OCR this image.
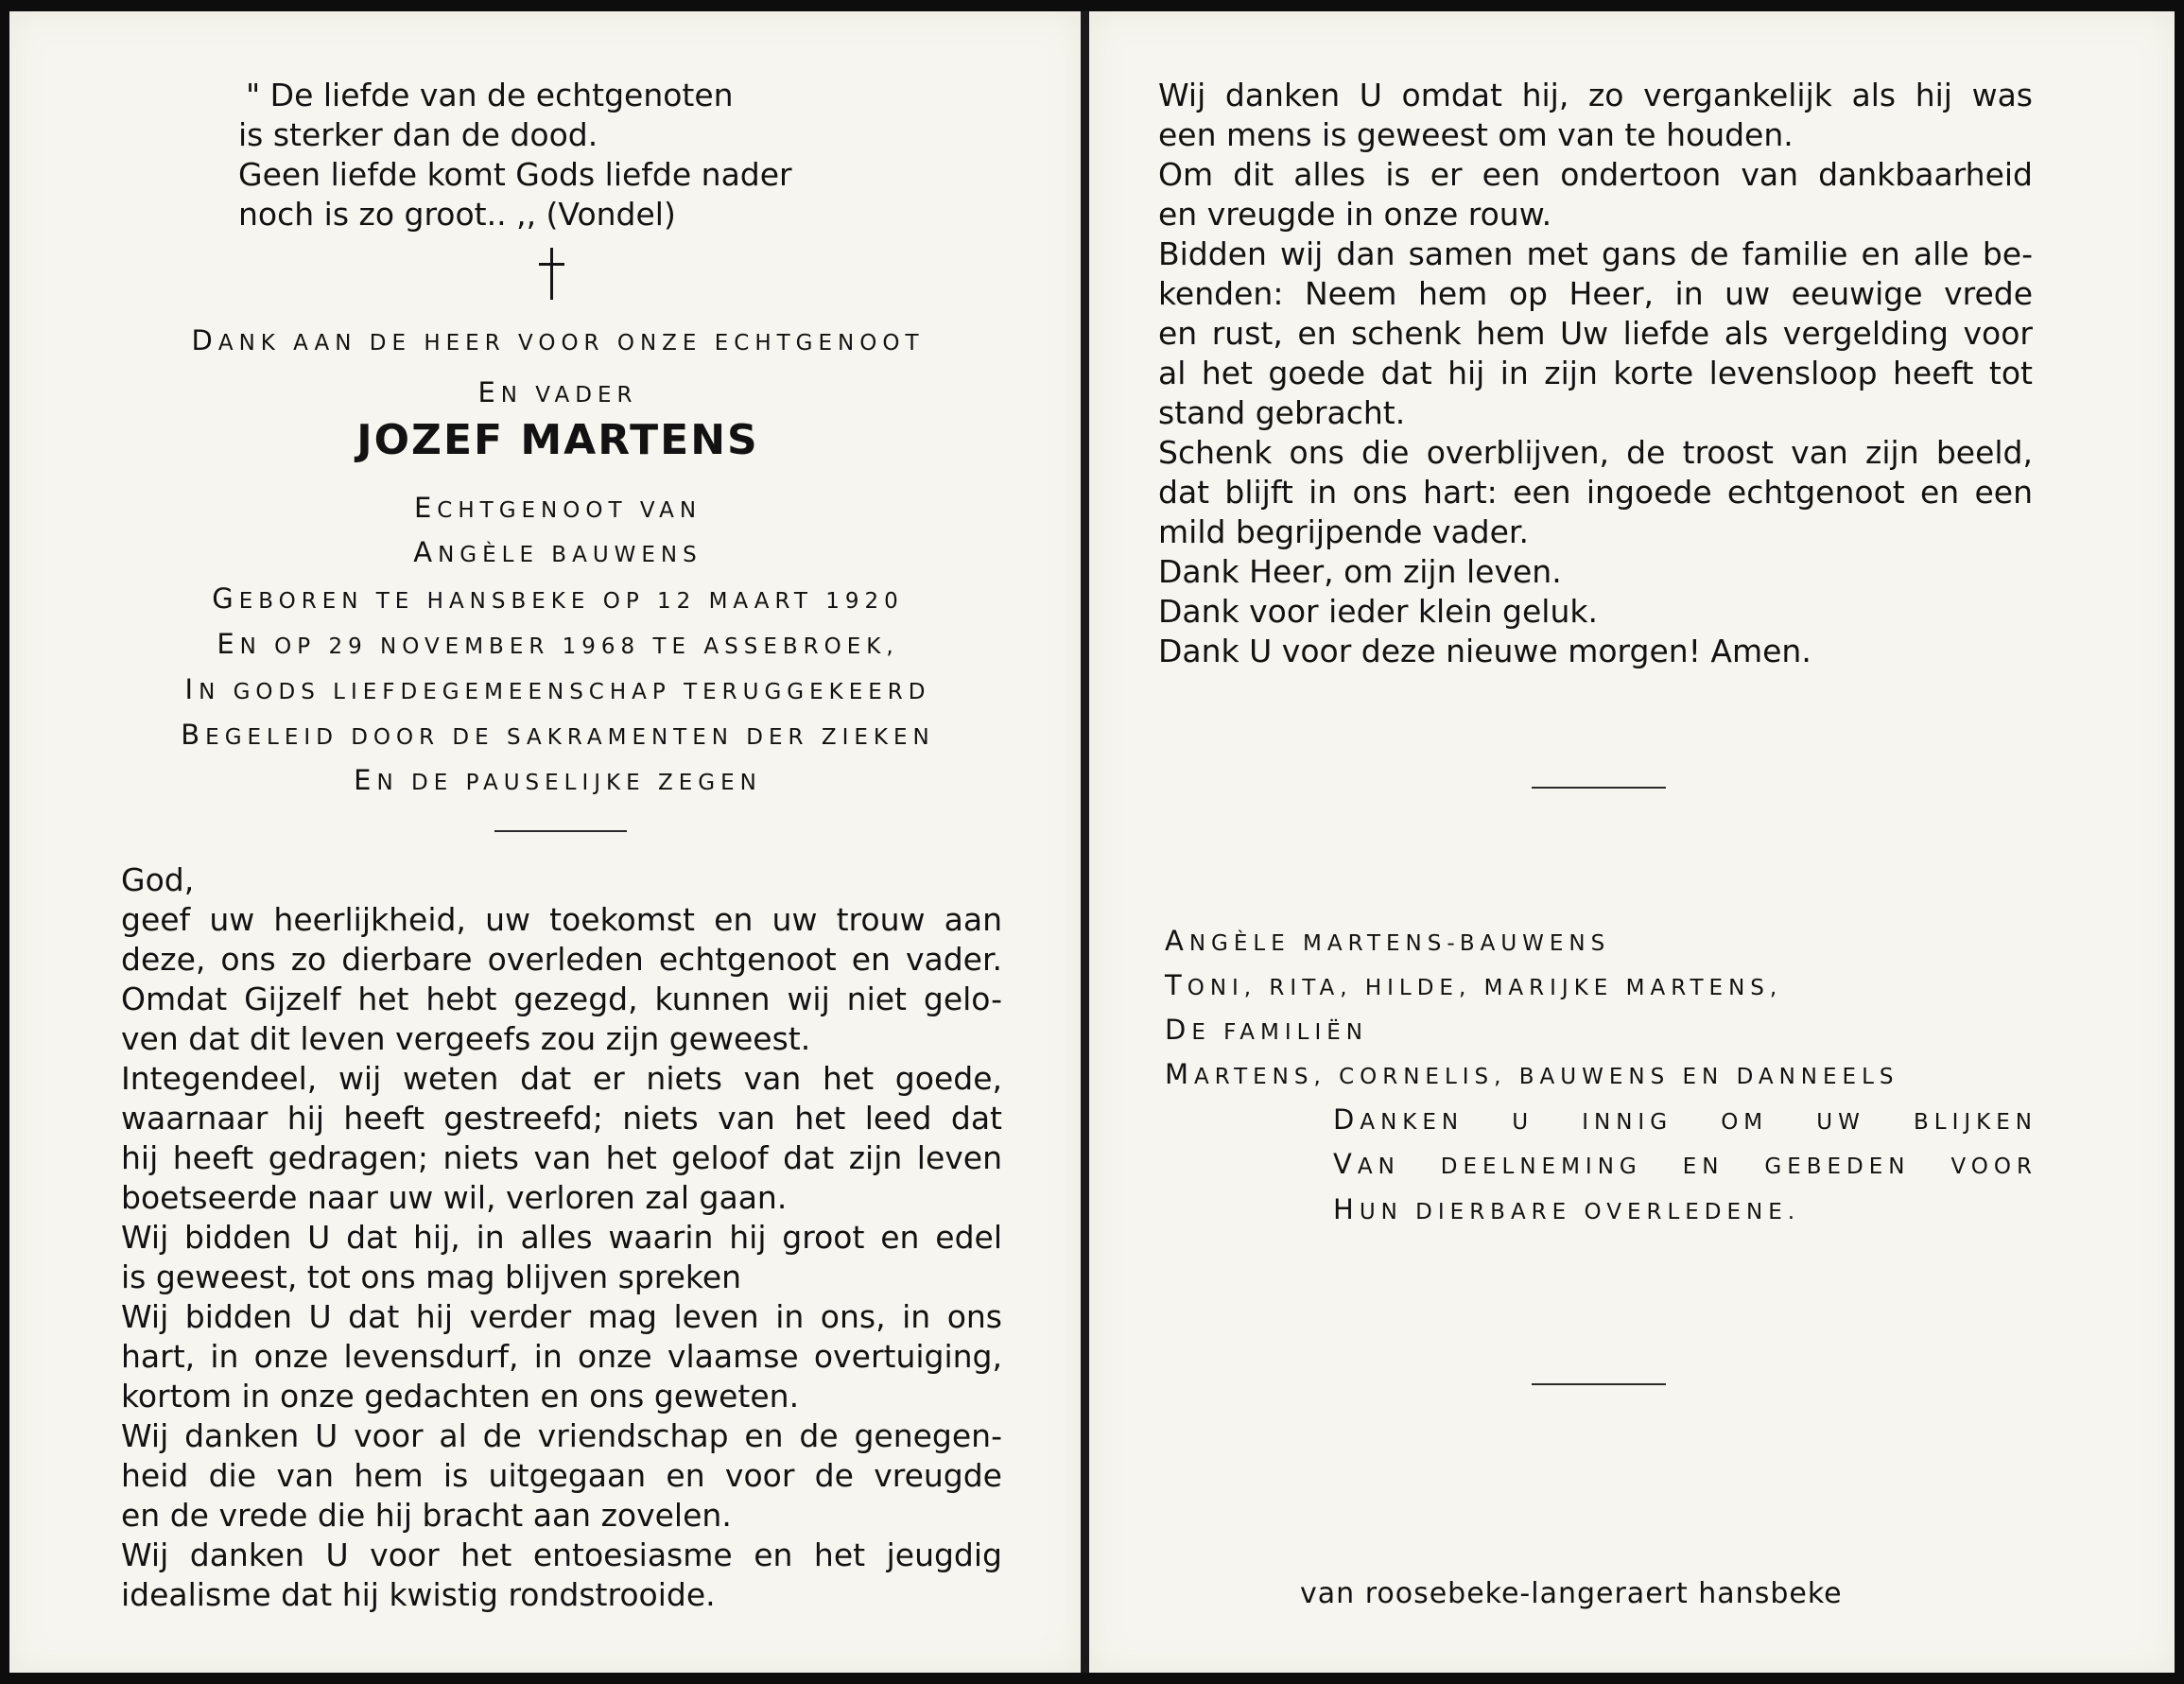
" De liefde van de echtgenoten
is sterker dan de dood.
Geen liefde komt Gods liefde nader
noch is zo groot.. ,, (Vondel)
DANK AAN DE HEER VOOR ONZE ECHTGENOOT
EN VADER
JOZEF MARTENS
ECHTGENOOT VAN
ANGÈLE BAUWENS
GEBOREN TE HANSBEKE OP 12 MAART 1920
EN OP 29 NOVEMBER 1968 TE ASSEBROEK,
IN GODS LIEFDEGEMEENSCHAP TERUGGEKEERD
BEGELEID DOOR DE SAKRAMENTEN DER ZIEKEN
EN DE PAUSELIJKE ZEGEN
God,
geef uw heerlijkheid, uw toekomst en uw trouw aan
deze, ons zo dierbare overleden echtgenoot en vader.
Omdat Gijzelf het hebt gezegd, kunnen wij niet gelo-
ven dat dit leven vergeefs zou zijn geweest.
Integendeel, wij weten dat er niets van het goede,
waarnaar hij heeft gestreefd; niets van het leed dat
hij heeft gedragen; niets van het geloof dat zijn leven
boetseerde naar uw wil, verloren zal gaan.
Wij bidden U dat hij, in alles waarin hij groot en edel
is geweest, tot ons mag blijven spreken
Wij bidden U dat hij verder mag leven in ons, in ons
hart, in onze levensdurf, in onze vlaamse overtuiging,
kortom in onze gedachten en ons geweten.
Wij danken U voor al de vriendschap en de genegen-
heid die van hem is uitgegaan en voor de vreugde
en de vrede die hij bracht aan zovelen.
Wij danken U voor het entoesiasme en het jeugdig
idealisme dat hij kwistig rondstrooide.
Wij danken U omdat hij, zo vergankelijk als hij was
een mens is geweest om van te houden.
Om dit alles is er een ondertoon van dankbaarheid
en vreugde in onze rouw.
Bidden wij dan samen met gans de familie en alle be-
kenden: Neem hem op Heer, in uw eeuwige vrede
en rust, en schenk hem Uw liefde als vergelding voor
al het goede dat hij in zijn korte levensloop heeft tot
stand gebracht.
Schenk ons die overblijven, de troost van zijn beeld,
dat blijft in ons hart: een ingoede echtgenoot en een
mild begrijpende vader.
Dank Heer, om zijn leven.
Dank voor ieder klein geluk.
Dank U voor deze nieuwe morgen! Amen.
ANGÈLE MARTENS-BAUWENS
TONI, RITA, HILDE, MARIJKE MARTENS,
DE FAMILIËN
MARTENS, CORNELIS, BAUWENS EN DANNEELS
DANKEN U INNIG OM UW BLIJKEN
VAN DEELNEMING EN GEBEDEN VOOR
HUN DIERBARE OVERLEDENE.
van roosebeke-langeraert hansbeke
